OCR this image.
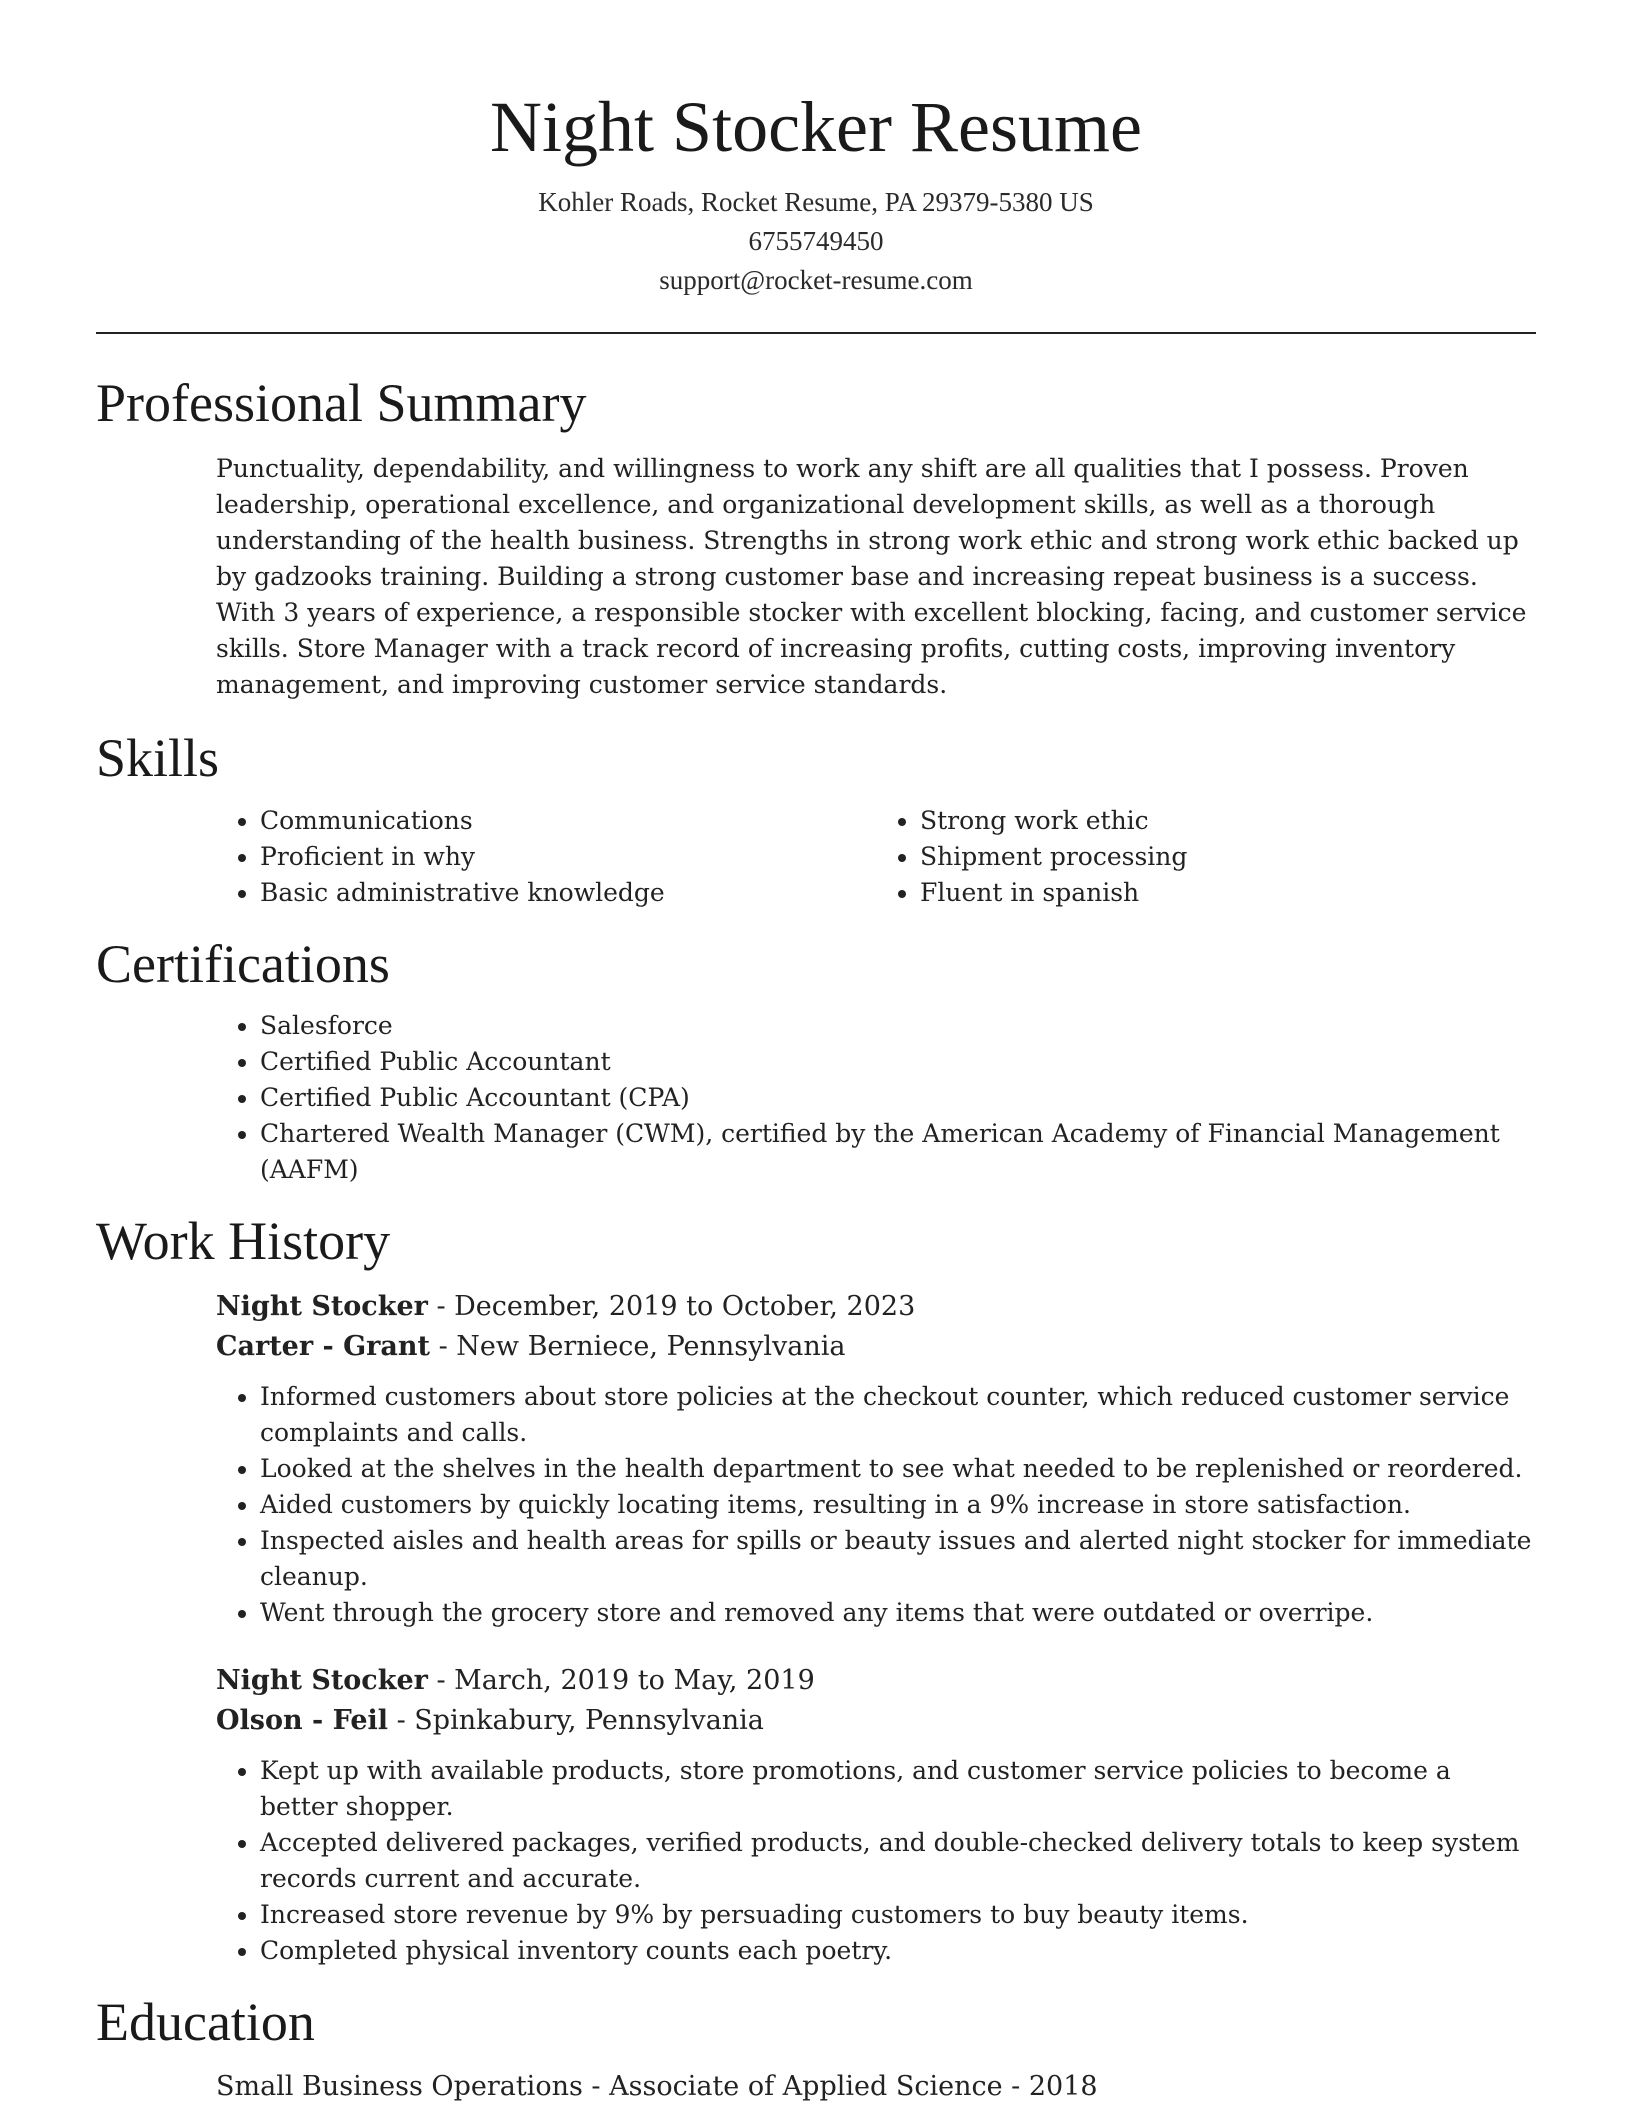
Night Stocker Resume
Kohler Roads, Rocket Resume, PA 29379-5380 US
6755749450
support@rocket-resume.com
Professional Summary
Punctuality, dependability, and willingness to work any shift are all qualities that I possess. Proven leadership, operational excellence, and organizational development skills, as well as a thorough understanding of the health business. Strengths in strong work ethic and strong work ethic backed up by gadzooks training. Building a strong customer base and increasing repeat business is a success. With 3 years of experience, a responsible stocker with excellent blocking, facing, and customer service skills. Store Manager with a track record of increasing profits, cutting costs, improving inventory management, and improving customer service standards.
Skills
• Communications
• Proficient in why
• Basic administrative knowledge
• Strong work ethic
• Shipment processing
• Fluent in spanish
Certifications
• Salesforce
• Certified Public Accountant
• Certified Public Accountant (CPA)
• Chartered Wealth Manager (CWM), certified by the American Academy of Financial Management (AAFM)
Work History
Night Stocker - December, 2019 to October, 2023
Carter - Grant - New Berniece, Pennsylvania
• Informed customers about store policies at the checkout counter, which reduced customer service complaints and calls.
• Looked at the shelves in the health department to see what needed to be replenished or reordered.
• Aided customers by quickly locating items, resulting in a 9% increase in store satisfaction.
• Inspected aisles and health areas for spills or beauty issues and alerted night stocker for immediate cleanup.
• Went through the grocery store and removed any items that were outdated or overripe.
Night Stocker - March, 2019 to May, 2019
Olson - Feil - Spinkabury, Pennsylvania
• Kept up with available products, store promotions, and customer service policies to become a better shopper.
• Accepted delivered packages, verified products, and double-checked delivery totals to keep system records current and accurate.
• Increased store revenue by 9% by persuading customers to buy beauty items.
• Completed physical inventory counts each poetry.
Education
Small Business Operations - Associate of Applied Science - 2018
